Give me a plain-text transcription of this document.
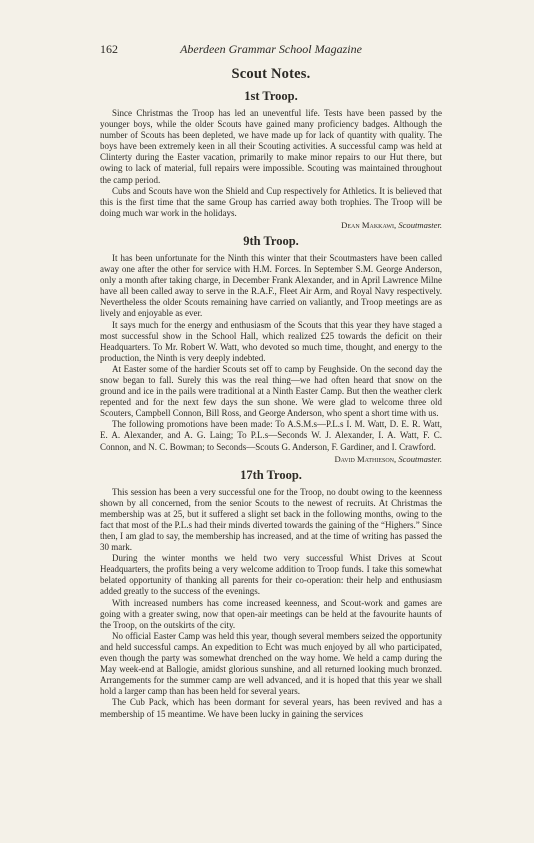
162	Aberdeen Grammar School Magazine
Scout Notes.
1st Troop.

Since Christmas the Troop has led an uneventful life. Tests have been passed by the younger boys, while the older Scouts have gained many proficiency badges. Although the number of Scouts has been depleted, we have made up for lack of quantity with quality. The boys have been extremely keen in all their Scouting activities. A successful camp was held at Clinterty during the Easter vacation, primarily to make minor repairs to our Hut there, but owing to lack of material, full repairs were impossible. Scouting was maintained throughout the camp period.

Cubs and Scouts have won the Shield and Cup respectively for Athletics. It is believed that this is the first time that the same Group has carried away both trophies. The Troop will be doing much war work in the holidays.

Dean Makkawi, Scoutmaster.
9th Troop.

It has been unfortunate for the Ninth this winter that their Scoutmasters have been called away one after the other for service with H.M. Forces. In September S.M. George Anderson, only a month after taking charge, in December Frank Alexander, and in April Lawrence Milne have all been called away to serve in the R.A.F., Fleet Air Arm, and Royal Navy respectively. Nevertheless the older Scouts remaining have carried on valiantly, and Troop meetings are as lively and enjoyable as ever.

It says much for the energy and enthusiasm of the Scouts that this year they have staged a most successful show in the School Hall, which realized £25 towards the deficit on their Headquarters. To Mr. Robert W. Watt, who devoted so much time, thought, and energy to the production, the Ninth is very deeply indebted.

At Easter some of the hardier Scouts set off to camp by Feughside. On the second day the snow began to fall. Surely this was the real thing—we had often heard that snow on the ground and ice in the pails were traditional at a Ninth Easter Camp. But then the weather clerk repented and for the next few days the sun shone. We were glad to welcome three old Scouters, Campbell Connon, Bill Ross, and George Anderson, who spent a short time with us.

The following promotions have been made: To A.S.M.s—P.L.s I. M. Watt, D. E. R. Watt, E. A. Alexander, and A. G. Laing; To P.L.s—Seconds W. J. Alexander, I. A. Watt, F. C. Connon, and N. C. Bowman; to Seconds—Scouts G. Anderson, F. Gardiner, and I. Crawford.

David Mathieson, Scoutmaster.
17th Troop.

This session has been a very successful one for the Troop, no doubt owing to the keenness shown by all concerned, from the senior Scouts to the newest of recruits. At Christmas the membership was at 25, but it suffered a slight set back in the following months, owing to the fact that most of the P.L.s had their minds diverted towards the gaining of the “Highers.” Since then, I am glad to say, the membership has increased, and at the time of writing has passed the 30 mark.

During the winter months we held two very successful Whist Drives at Scout Headquarters, the profits being a very welcome addition to Troop funds. I take this somewhat belated opportunity of thanking all parents for their co-operation: their help and enthusiasm added greatly to the success of the evenings.

With increased numbers has come increased keenness, and Scout-work and games are going with a greater swing, now that open-air meetings can be held at the favourite haunts of the Troop, on the outskirts of the city.

No official Easter Camp was held this year, though several members seized the opportunity and held successful camps. An expedition to Echt was much enjoyed by all who participated, even though the party was somewhat drenched on the way home. We held a camp during the May week-end at Ballogie, amidst glorious sunshine, and all returned looking much bronzed. Arrangements for the summer camp are well advanced, and it is hoped that this year we shall hold a larger camp than has been held for several years.

The Cub Pack, which has been dormant for several years, has been revived and has a membership of 15 meantime. We have been lucky in gaining the services
